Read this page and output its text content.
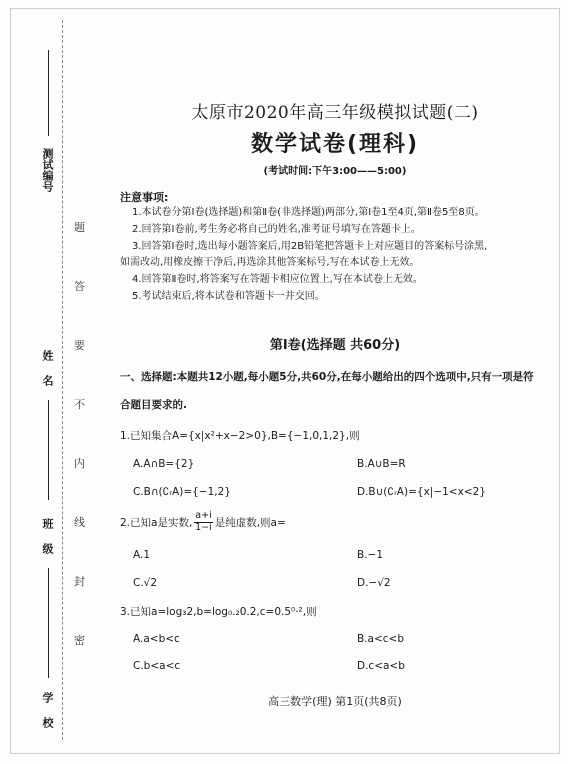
测试编号
姓名
班级
学校
题
答
要
不
内
线
封
密
太原市2020年高三年级模拟试题(二)
数学试卷(理科)
(考试时间:下午3:00——5:00)
注意事项:
1.本试卷分第Ⅰ卷(选择题)和第Ⅱ卷(非选择题)两部分,第Ⅰ卷1至4页,第Ⅱ卷5至8页。
2.回答第Ⅰ卷前,考生务必将自己的姓名,准考证号填写在答题卡上。
3.回答第Ⅰ卷时,选出每小题答案后,用2B铅笔把答题卡上对应题目的答案标号涂黑,
如需改动,用橡皮擦干净后,再选涂其他答案标号,写在本试卷上无效。
4.回答第Ⅱ卷时,将答案写在答题卡相应位置上,写在本试卷上无效。
5.考试结束后,将本试卷和答题卡一并交回。
第Ⅰ卷(选择题 共60分)
一、选择题:本题共12小题,每小题5分,共60分,在每小题给出的四个选项中,只有一项是符
合题目要求的.
1.已知集合A={x|x²+x−2>0},B={−1,0,1,2},则
A.A∩B={2}	B.A∪B=R
C.B∩(∁ᵣA)={−1,2}	D.B∪(∁ᵣA)={x|−1<x<2}
2.已知a是实数, $\frac{a+i}{1-i}$ 是纯虚数,则a=
A.1	B.−1
C.√2	D.−√2
3.已知a=log₃2,b=log₀.₂0.2,c=0.5⁰·²,则
A.a<b<c	B.a<c<b
C.b<a<c	D.c<a<b
高三数学(理) 第1页(共8页)
